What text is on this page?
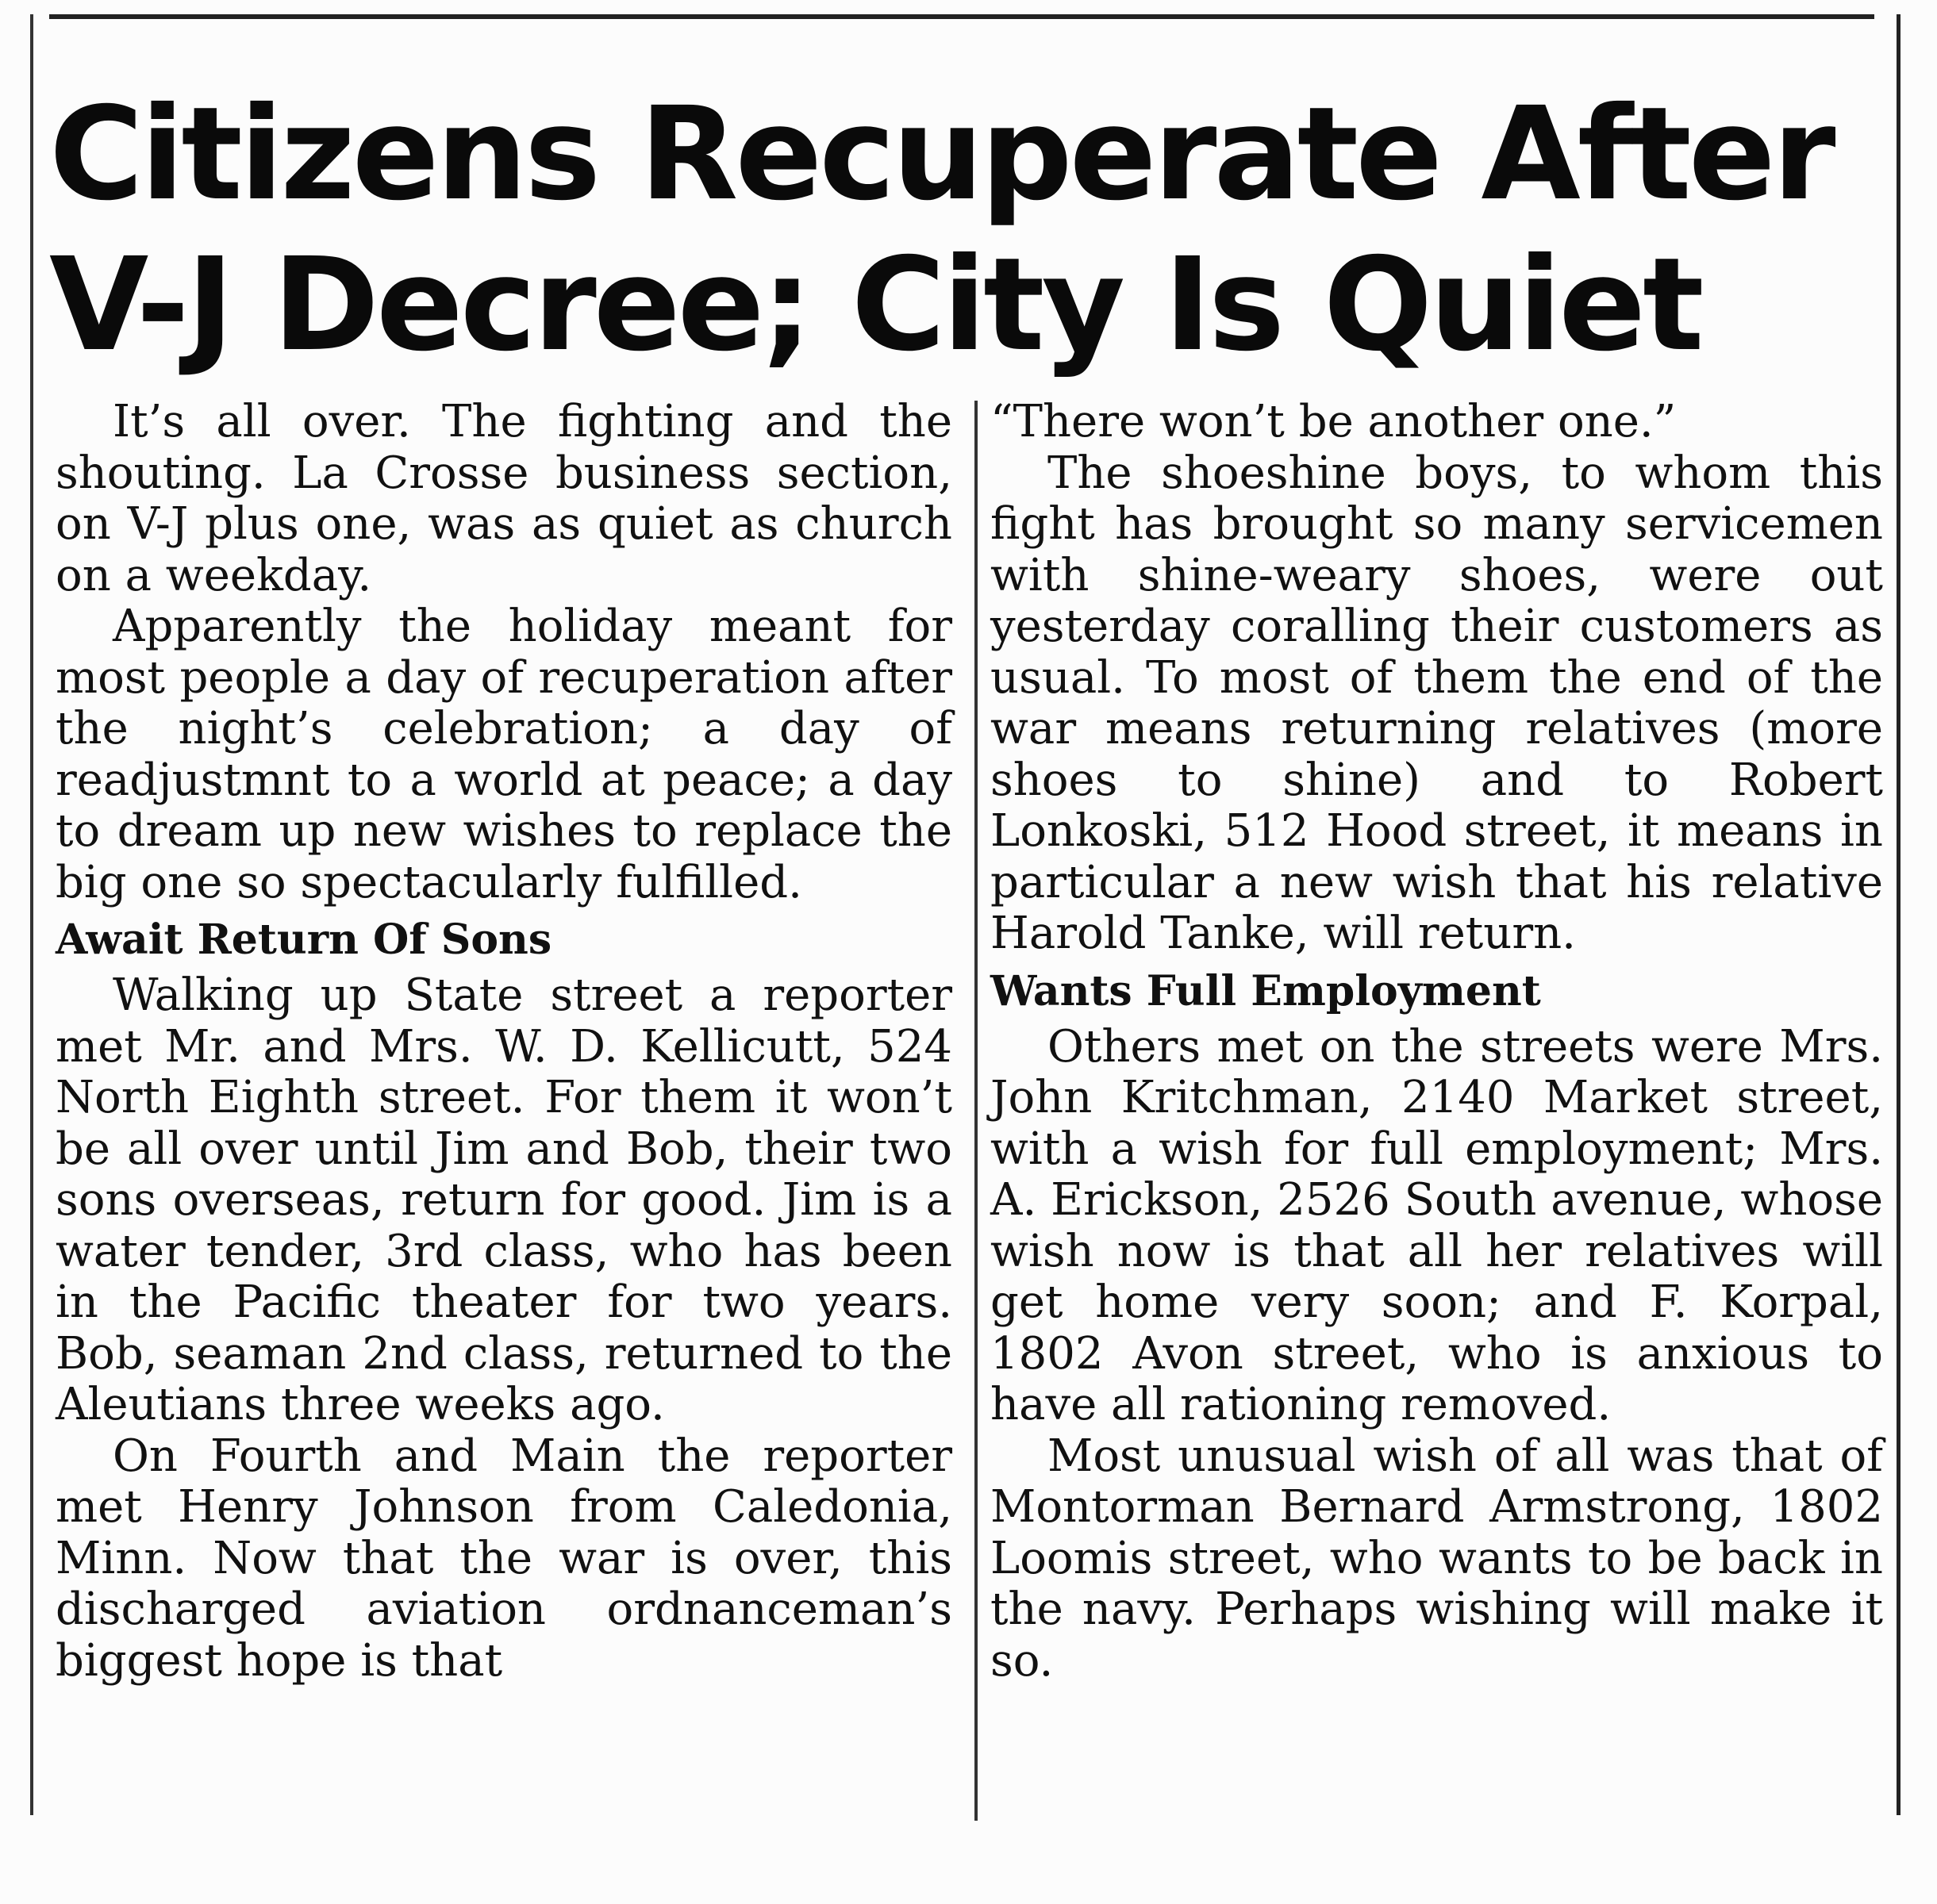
Citizens Recuperate After
V-J Decree; City Is Quiet

It’s all over. The fighting and the shouting. La Crosse business section, on V-J plus one, was as quiet as church on a weekday.

Apparently the holiday meant for most people a day of recuperation after the night’s celebration; a day of readjustmnt to a world at peace; a day to dream up new wishes to replace the big one so spectacularly fulfilled.

Await Return Of Sons

Walking up State street a reporter met Mr. and Mrs. W. D. Kellicutt, 524 North Eighth street. For them it won’t be all over until Jim and Bob, their two sons overseas, return for good. Jim is a water tender, 3rd class, who has been in the Pacific theater for two years. Bob, seaman 2nd class, returned to the Aleutians three weeks ago.

On Fourth and Main the reporter met Henry Johnson from Caledonia, Minn. Now that the war is over, this discharged aviation ordnanceman’s biggest hope is that

“There won’t be another one.”

The shoeshine boys, to whom this fight has brought so many servicemen with shine-weary shoes, were out yesterday coralling their customers as usual. To most of them the end of the war means returning relatives (more shoes to shine) and to Robert Lonkoski, 512 Hood street, it means in particular a new wish that his relative Harold Tanke, will return.

Wants Full Employment

Others met on the streets were Mrs. John Kritchman, 2140 Market street, with a wish for full employment; Mrs. A. Erickson, 2526 South avenue, whose wish now is that all her relatives will get home very soon; and F. Korpal, 1802 Avon street, who is anxious to have all rationing removed.

Most unusual wish of all was that of Montorman Bernard Armstrong, 1802 Loomis street, who wants to be back in the navy. Perhaps wishing will make it so.
